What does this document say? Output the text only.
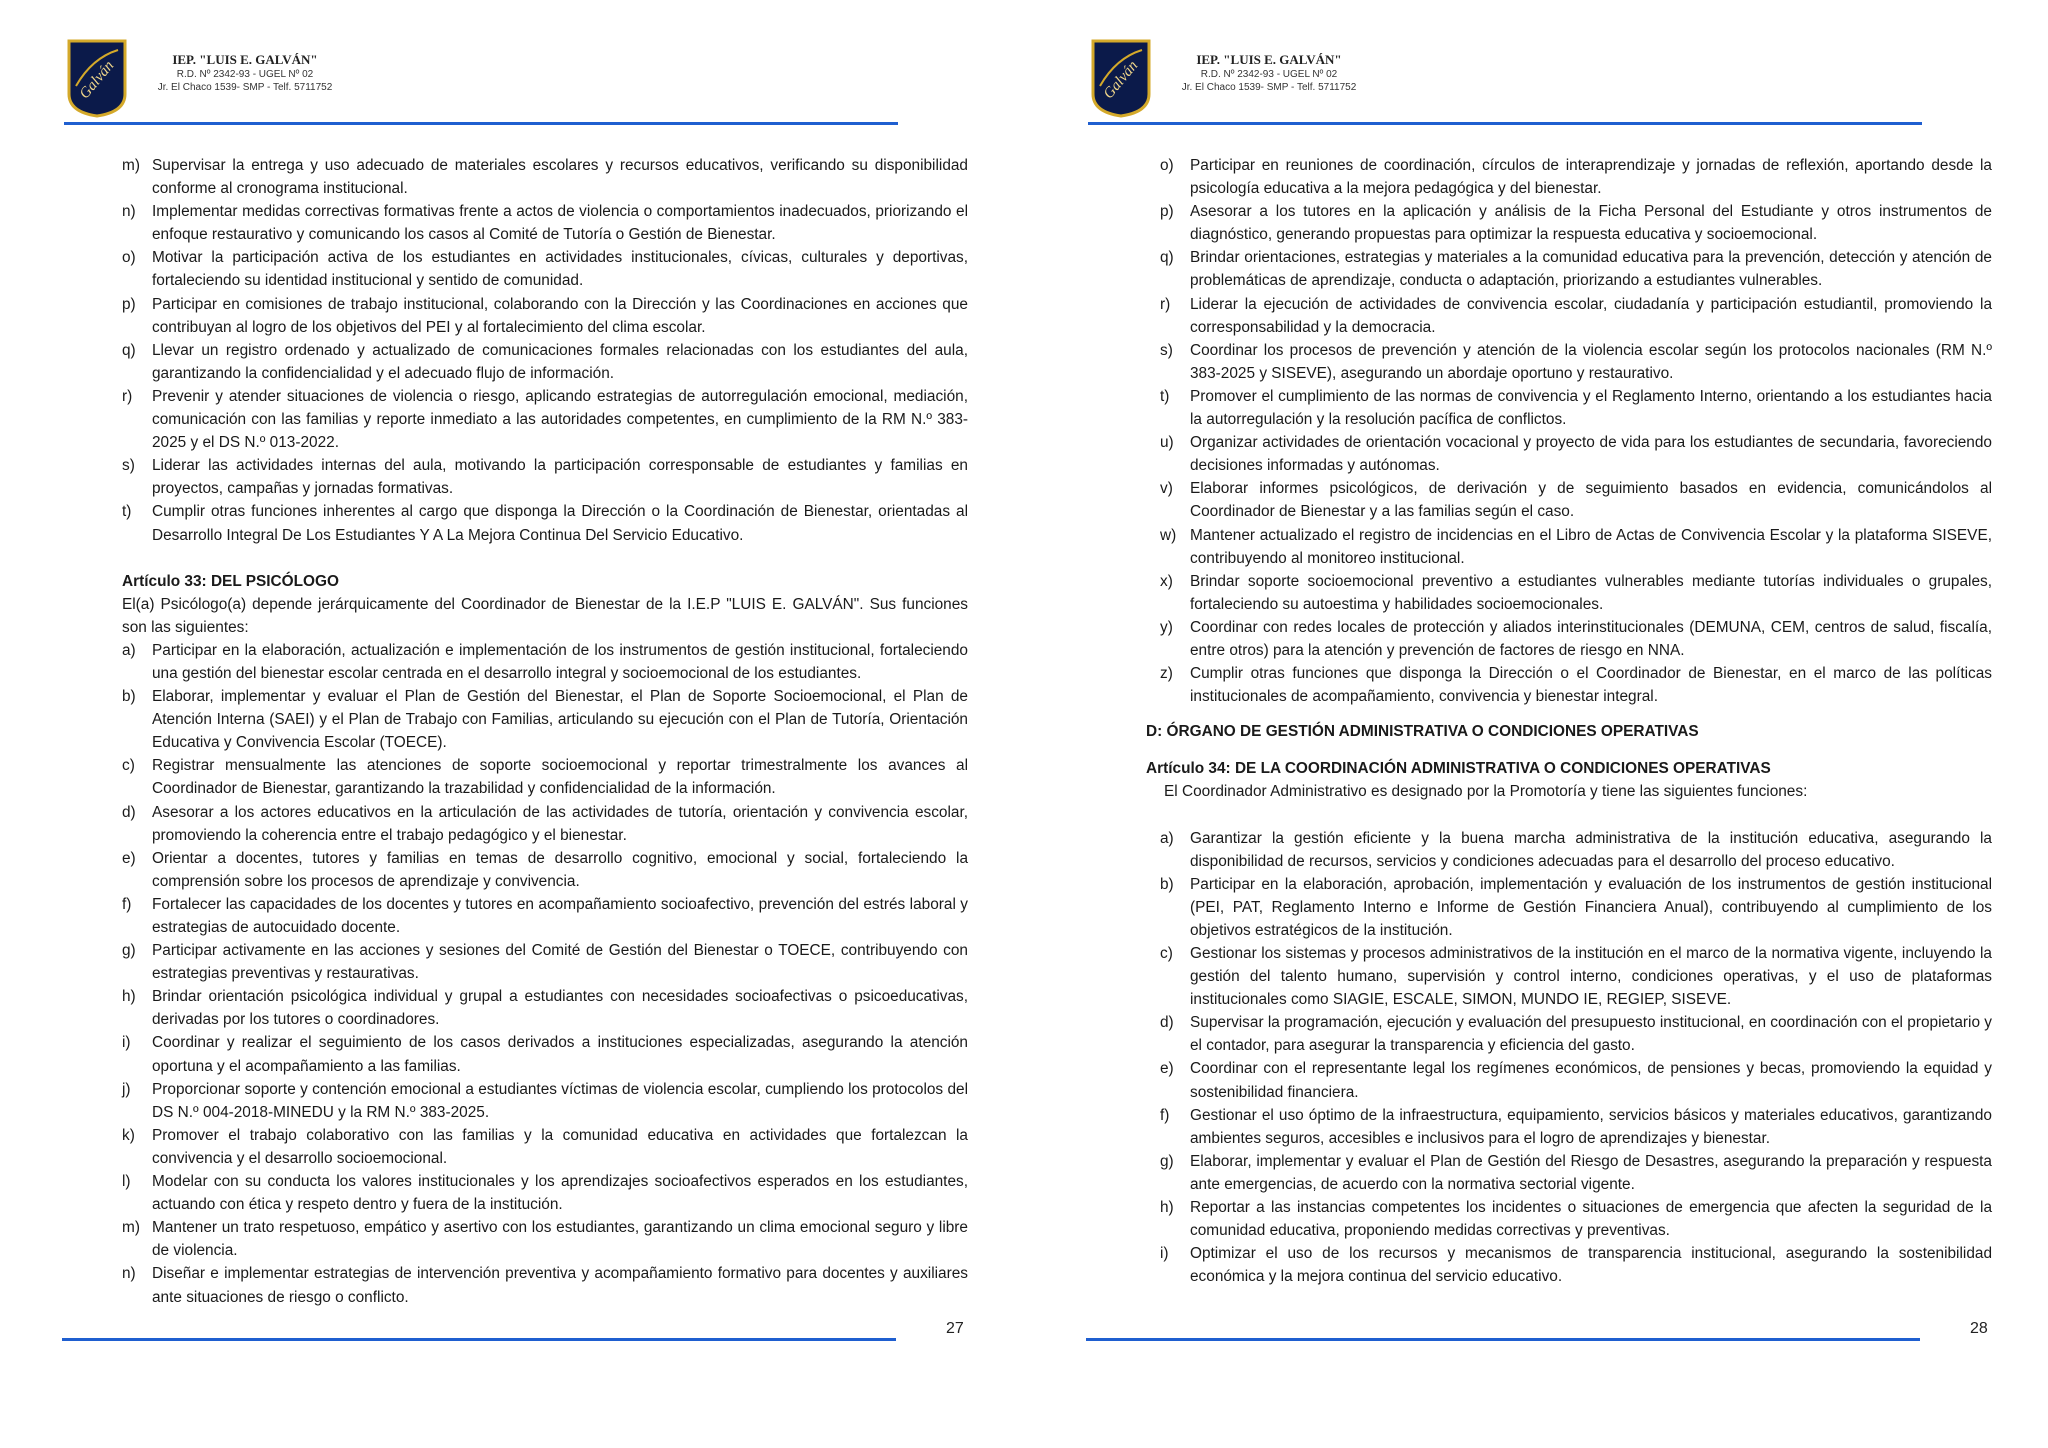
Galván	IEP. "LUIS E. GALVÁN"
R.D. Nº 2342-93 - UGEL Nº 02
Jr. El Chaco 1539- SMP - Telf. 5711752
m) Supervisar la entrega y uso adecuado de materiales escolares y recursos educativos, verificando su disponibilidad conforme al cronograma institucional.
n)	Implementar medidas correctivas formativas frente a actos de violencia o comportamientos inadecuados, priorizando el enfoque restaurativo y comunicando los casos al Comité de Tutoría o Gestión de Bienestar.
o)	Motivar la participación activa de los estudiantes en actividades institucionales, cívicas, culturales y deportivas, fortaleciendo su identidad institucional y sentido de comunidad.
p)	Participar en comisiones de trabajo institucional, colaborando con la Dirección y las Coordinaciones en acciones que contribuyan al logro de los objetivos del PEI y al fortalecimiento del clima escolar.
q)	Llevar un registro ordenado y actualizado de comunicaciones formales relacionadas con los estudiantes del aula, garantizando la confidencialidad y el adecuado flujo de información.
r)	Prevenir y atender situaciones de violencia o riesgo, aplicando estrategias de autorregulación emocional, mediación, comunicación con las familias y reporte inmediato a las autoridades competentes, en cumplimiento de la RM N.º 383-2025 y el DS N.º 013-2022.
s)	Liderar las actividades internas del aula, motivando la participación corresponsable de estudiantes y familias en proyectos, campañas y jornadas formativas.
t)	Cumplir otras funciones inherentes al cargo que disponga la Dirección o la Coordinación de Bienestar, orientadas al Desarrollo Integral De Los Estudiantes Y A La Mejora Continua Del Servicio Educativo.
Artículo 33: DEL PSICÓLOGO
El(a) Psicólogo(a) depende jerárquicamente del Coordinador de Bienestar de la I.E.P "LUIS E. GALVÁN". Sus funciones son las siguientes:
a)	Participar en la elaboración, actualización e implementación de los instrumentos de gestión institucional, fortaleciendo una gestión del bienestar escolar centrada en el desarrollo integral y socioemocional de los estudiantes.
b)	Elaborar, implementar y evaluar el Plan de Gestión del Bienestar, el Plan de Soporte Socioemocional, el Plan de Atención Interna (SAEI) y el Plan de Trabajo con Familias, articulando su ejecución con el Plan de Tutoría, Orientación Educativa y Convivencia Escolar (TOECE).
c)	Registrar mensualmente las atenciones de soporte socioemocional y reportar trimestralmente los avances al Coordinador de Bienestar, garantizando la trazabilidad y confidencialidad de la información.
d)	Asesorar a los actores educativos en la articulación de las actividades de tutoría, orientación y convivencia escolar, promoviendo la coherencia entre el trabajo pedagógico y el bienestar.
e)	Orientar a docentes, tutores y familias en temas de desarrollo cognitivo, emocional y social, fortaleciendo la comprensión sobre los procesos de aprendizaje y convivencia.
f)	Fortalecer las capacidades de los docentes y tutores en acompañamiento socioafectivo, prevención del estrés laboral y estrategias de autocuidado docente.
g)	Participar activamente en las acciones y sesiones del Comité de Gestión del Bienestar o TOECE, contribuyendo con estrategias preventivas y restaurativas.
h)	Brindar orientación psicológica individual y grupal a estudiantes con necesidades socioafectivas o psicoeducativas, derivadas por los tutores o coordinadores.
i)	Coordinar y realizar el seguimiento de los casos derivados a instituciones especializadas, asegurando la atención oportuna y el acompañamiento a las familias.
j)	Proporcionar soporte y contención emocional a estudiantes víctimas de violencia escolar, cumpliendo los protocolos del DS N.º 004-2018-MINEDU y la RM N.º 383-2025.
k)	Promover el trabajo colaborativo con las familias y la comunidad educativa en actividades que fortalezcan la convivencia y el desarrollo socioemocional.
l)	Modelar con su conducta los valores institucionales y los aprendizajes socioafectivos esperados en los estudiantes, actuando con ética y respeto dentro y fuera de la institución.
m) Mantener un trato respetuoso, empático y asertivo con los estudiantes, garantizando un clima emocional seguro y libre de violencia.
n)	Diseñar e implementar estrategias de intervención preventiva y acompañamiento formativo para docentes y auxiliares ante situaciones de riesgo o conflicto.
27
Galván	IEP. "LUIS E. GALVÁN"
R.D. Nº 2342-93 - UGEL Nº 02
Jr. El Chaco 1539- SMP - Telf. 5711752
o)	Participar en reuniones de coordinación, círculos de interaprendizaje y jornadas de reflexión, aportando desde la psicología educativa a la mejora pedagógica y del bienestar.
p)	Asesorar a los tutores en la aplicación y análisis de la Ficha Personal del Estudiante y otros instrumentos de diagnóstico, generando propuestas para optimizar la respuesta educativa y socioemocional.
q)	Brindar orientaciones, estrategias y materiales a la comunidad educativa para la prevención, detección y atención de problemáticas de aprendizaje, conducta o adaptación, priorizando a estudiantes vulnerables.
r)	Liderar la ejecución de actividades de convivencia escolar, ciudadanía y participación estudiantil, promoviendo la corresponsabilidad y la democracia.
s)	Coordinar los procesos de prevención y atención de la violencia escolar según los protocolos nacionales (RM N.º 383-2025 y SISEVE), asegurando un abordaje oportuno y restaurativo.
t)	Promover el cumplimiento de las normas de convivencia y el Reglamento Interno, orientando a los estudiantes hacia la autorregulación y la resolución pacífica de conflictos.
u)	Organizar actividades de orientación vocacional y proyecto de vida para los estudiantes de secundaria, favoreciendo decisiones informadas y autónomas.
v)	Elaborar informes psicológicos, de derivación y de seguimiento basados en evidencia, comunicándolos al Coordinador de Bienestar y a las familias según el caso.
w) Mantener actualizado el registro de incidencias en el Libro de Actas de Convivencia Escolar y la plataforma SISEVE, contribuyendo al monitoreo institucional.
x)	Brindar soporte socioemocional preventivo a estudiantes vulnerables mediante tutorías individuales o grupales, fortaleciendo su autoestima y habilidades socioemocionales.
y)	Coordinar con redes locales de protección y aliados interinstitucionales (DEMUNA, CEM, centros de salud, fiscalía, entre otros) para la atención y prevención de factores de riesgo en NNA.
z)	Cumplir otras funciones que disponga la Dirección o el Coordinador de Bienestar, en el marco de las políticas institucionales de acompañamiento, convivencia y bienestar integral.
D: ÓRGANO DE GESTIÓN ADMINISTRATIVA O CONDICIONES OPERATIVAS
Artículo 34: DE LA COORDINACIÓN ADMINISTRATIVA O CONDICIONES OPERATIVAS
El Coordinador Administrativo es designado por la Promotoría y tiene las siguientes funciones:
a)	Garantizar la gestión eficiente y la buena marcha administrativa de la institución educativa, asegurando la disponibilidad de recursos, servicios y condiciones adecuadas para el desarrollo del proceso educativo.
b)	Participar en la elaboración, aprobación, implementación y evaluación de los instrumentos de gestión institucional (PEI, PAT, Reglamento Interno e Informe de Gestión Financiera Anual), contribuyendo al cumplimiento de los objetivos estratégicos de la institución.
c)	Gestionar los sistemas y procesos administrativos de la institución en el marco de la normativa vigente, incluyendo la gestión del talento humano, supervisión y control interno, condiciones operativas, y el uso de plataformas institucionales como SIAGIE, ESCALE, SIMON, MUNDO IE, REGIEP, SISEVE.
d)	Supervisar la programación, ejecución y evaluación del presupuesto institucional, en coordinación con el propietario y el contador, para asegurar la transparencia y eficiencia del gasto.
e)	Coordinar con el representante legal los regímenes económicos, de pensiones y becas, promoviendo la equidad y sostenibilidad financiera.
f)	Gestionar el uso óptimo de la infraestructura, equipamiento, servicios básicos y materiales educativos, garantizando ambientes seguros, accesibles e inclusivos para el logro de aprendizajes y bienestar.
g)	Elaborar, implementar y evaluar el Plan de Gestión del Riesgo de Desastres, asegurando la preparación y respuesta ante emergencias, de acuerdo con la normativa sectorial vigente.
h)	Reportar a las instancias competentes los incidentes o situaciones de emergencia que afecten la seguridad de la comunidad educativa, proponiendo medidas correctivas y preventivas.
i)	Optimizar el uso de los recursos y mecanismos de transparencia institucional, asegurando la sostenibilidad económica y la mejora continua del servicio educativo.
28
